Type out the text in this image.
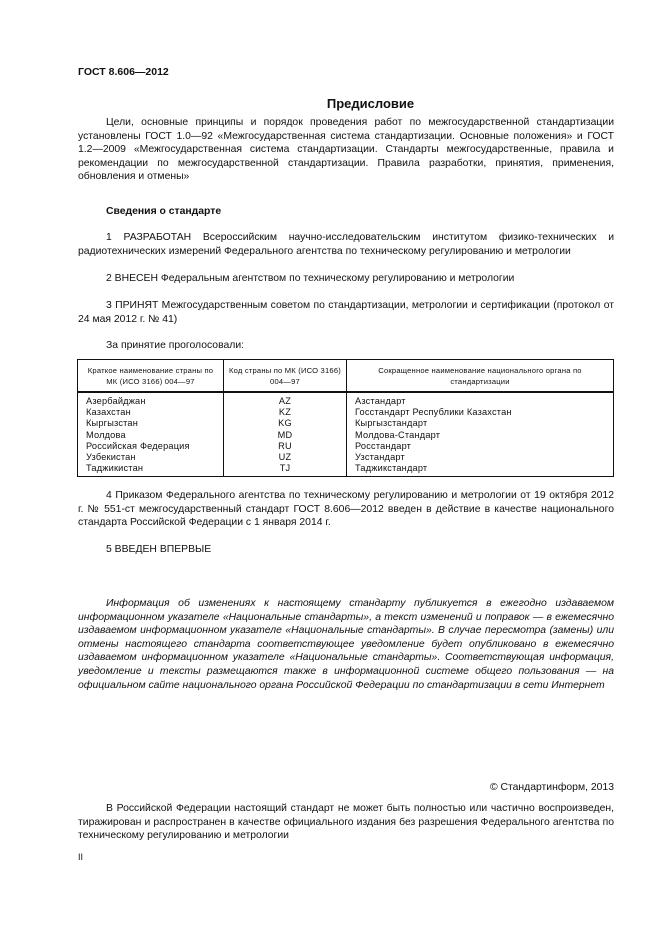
ГОСТ 8.606—2012
Предисловие

Цели, основные принципы и порядок проведения работ по межгосударственной стандартизации установлены ГОСТ 1.0—92 «Межгосударственная система стандартизации. Основные положения» и ГОСТ 1.2—2009 «Межгосударственная система стандартизации. Стандарты межгосударственные, правила и рекомендации по межгосударственной стандартизации. Правила разработки, принятия, применения, обновления и отмены»

Сведения о стандарте

1 РАЗРАБОТАН Всероссийским научно-исследовательским институтом физико-технических и радиотехнических измерений Федерального агентства по техническому регулированию и метрологии

2 ВНЕСЕН Федеральным агентством по техническому регулированию и метрологии

3 ПРИНЯТ Межгосударственным советом по стандартизации, метрологии и сертификации (протокол от 24 мая 2012 г. № 41)

За принятие проголосовали:
Краткое наименование страны по МК (ИСО 3166) 004—97	Код страны по МК (ИСО 3166) 004—97	Сокращенное наименование национального органа по стандартизации
Азербайджан	AZ	Азстандарт
Казахстан	KZ	Госстандарт Республики Казахстан
Кыргызстан	KG	Кыргызстандарт
Молдова	MD	Молдова-Стандарт
Российская Федерация	RU	Росстандарт
Узбекистан	UZ	Узстандарт
Таджикистан	TJ	Таджикстандарт

4 Приказом Федерального агентства по техническому регулированию и метрологии от 19 октября 2012 г. № 551-ст межгосударственный стандарт ГОСТ 8.606—2012 введен в действие в качестве национального стандарта Российской Федерации с 1 января 2014 г.

5 ВВЕДЕН ВПЕРВЫЕ

Информация об изменениях к настоящему стандарту публикуется в ежегодно издаваемом информационном указателе «Национальные стандарты», а текст изменений и поправок — в ежемесячно издаваемом информационном указателе «Национальные стандарты». В случае пересмотра (замены) или отмены настоящего стандарта соответствующее уведомление будет опубликовано в ежемесячно издаваемом информационном указателе «Национальные стандарты». Соответствующая информация, уведомление и тексты размещаются также в информационной системе общего пользования — на официальном сайте национального органа Российской Федерации по стандартизации в сети Интернет

© Стандартинформ, 2013

В Российской Федерации настоящий стандарт не может быть полностью или частично воспроизведен, тиражирован и распространен в качестве официального издания без разрешения Федерального агентства по техническому регулированию и метрологии

II
